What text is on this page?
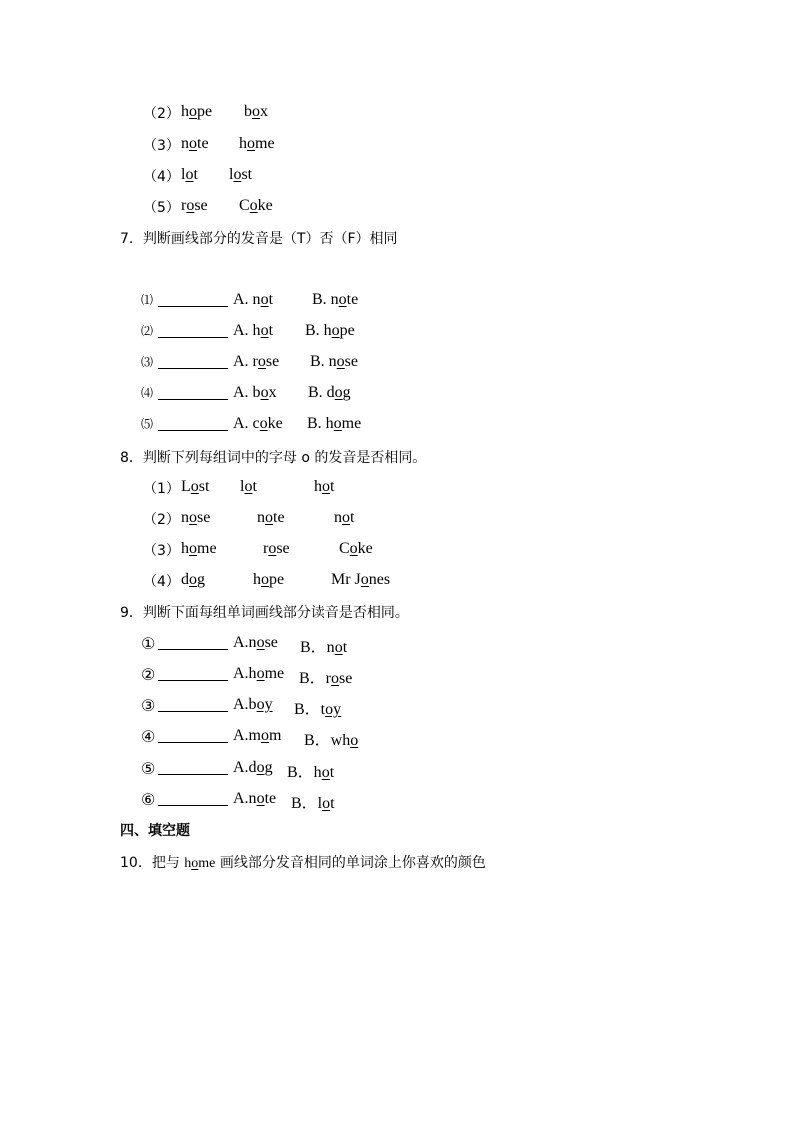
（2） hope box
（3） note home
（4） lot lost
（5） rose Coke
7．判断画线部分的发音是（T）否（F）相同
⑴	A. not B. note
⑵	A. hot B. hope
⑶	A. rose B. nose
⑷	A. box B. dog
⑸	A. coke B. home
8．判断下列每组词中的字母 o 的发音是否相同。
（1） Lost lot	hot
（2） nose	note	not
（3） home	rose	Coke
（4） dog	hope	Mr Jones
9．判断下面每组单词画线部分读音是否相同。
①	A.nose B．not
②	A.home B．rose
③	A.boy B．toy
④	A.mom B．who
⑤	A.dog B．hot
⑥	A.note B．lot
四、填空题
10．把与 home 画线部分发音相同的单词涂上你喜欢的颜色
